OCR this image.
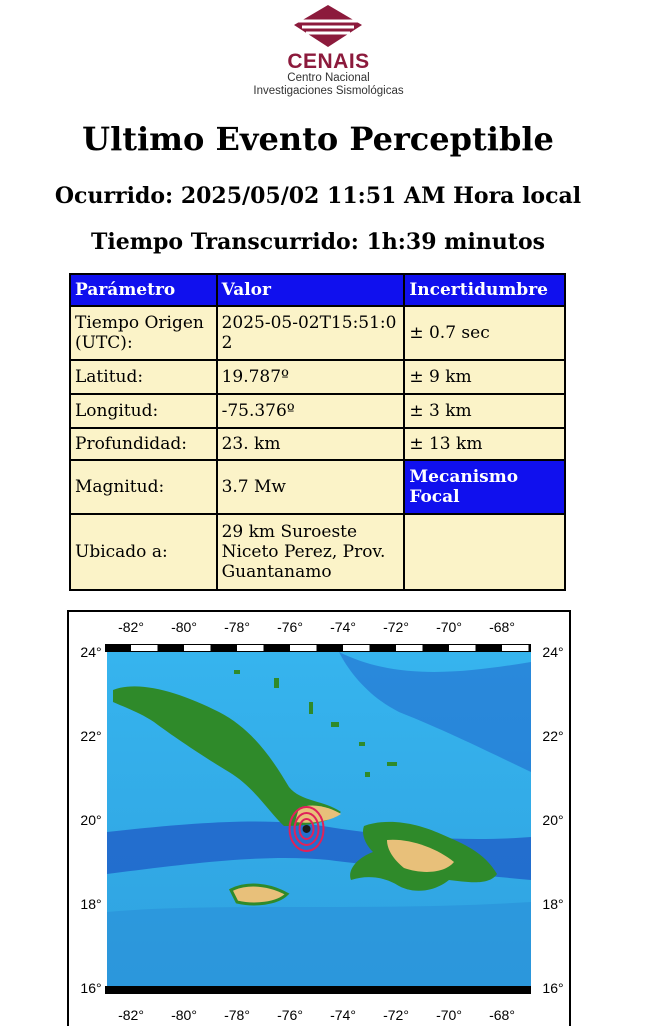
CENAIS
Centro Nacional
Investigaciones Sismológicas
Ultimo Evento Perceptible
Ocurrido: 2025/05/02 11:51 AM Hora local
Tiempo Transcurrido: 1h:39 minutos
Parámetro	Valor	Incertidumbre
Tiempo Origen (UTC):	2025-05-02T15:51:02	± 0.7 sec
Latitud:	19.787º	± 9 km
Longitud:	-75.376º	± 3 km
Profundidad:	23. km	± 13 km
Magnitud:	3.7 Mw	Mecanismo Focal
Ubicado a:	29 km Suroeste Niceto Perez, Prov. Guantanamo	
-82° -80° -78° -76° -74° -72° -70° -68°
-82° -80° -78° -76° -74° -72° -70° -68°
24°
22°
20°
18°
16°
24°
22°
20°
18°
16°
